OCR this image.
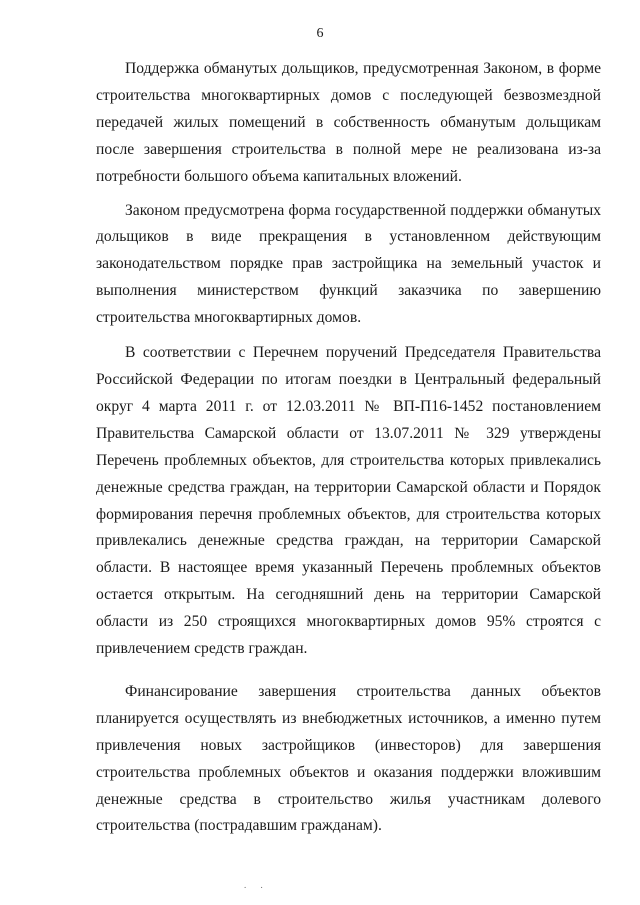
6

Поддержка обманутых дольщиков, предусмотренная Законом, в форме строительства многоквартирных домов с последующей безвозмездной передачей жилых помещений в собственность обманутым дольщикам после завершения строительства в полной мере не реализована из-за потребности большого объема капитальных вложений.

Законом предусмотрена форма государственной поддержки обманутых дольщиков в виде прекращения в установленном действующим законодательством порядке прав застройщика на земельный участок и выполнения министерством функций заказчика по завершению строительства многоквартирных домов.

В соответствии с Перечнем поручений Председателя Правительства Российской Федерации по итогам поездки в Центральный федеральный округ 4 марта 2011 г. от 12.03.2011 № ВП-П16-1452 постановлением Правительства Самарской области от 13.07.2011 № 329 утверждены Перечень проблемных объектов, для строительства которых привлекались денежные средства граждан, на территории Самарской области и Порядок формирования перечня проблемных объектов, для строительства которых привлекались денежные средства граждан, на территории Самарской области. В настоящее время указанный Перечень проблемных объектов остается открытым. На сегодняшний день на территории Самарской области из 250 строящихся многоквартирных домов 95% строятся с привлечением средств граждан.

Финансирование завершения строительства данных объектов планируется осуществлять из внебюджетных источников, а именно путем привлечения новых застройщиков (инвесторов) для завершения строительства проблемных объектов и оказания поддержки вложившим денежные средства в строительство жилья участникам долевого строительства (пострадавшим гражданам).

. .
